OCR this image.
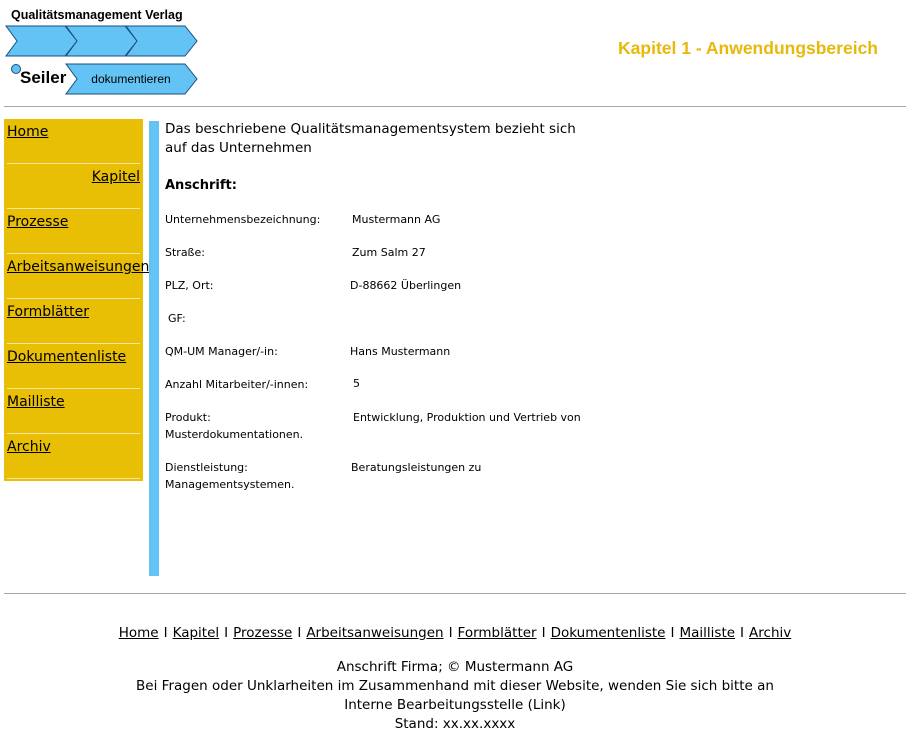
Qualitätsmanagement Verlag
Seiler	dokumentieren
Kapitel 1 - Anwendungsbereich
Home
Kapitel
Prozesse
Arbeitsanweisungen
Formblätter
Dokumentenliste
Mailliste
Archiv
Das beschriebene Qualitätsmanagementsystem bezieht sich auf das Unternehmen
Anschrift:
Unternehmensbezeichnung:	Mustermann AG
Straße:	Zum Salm 27
PLZ, Ort:	D-88662 Überlingen
GF:
QM-UM Manager/-in:	Hans Mustermann
Anzahl Mitarbeiter/-innen:	5
Produkt:	Entwicklung, Produktion und Vertrieb von
Musterdokumentationen.
Dienstleistung:	Beratungsleistungen zu
Managementsystemen.
Home I Kapitel I Prozesse I Arbeitsanweisungen I Formblätter I Dokumentenliste I Mailliste I Archiv
Anschrift Firma; © Mustermann AG
Bei Fragen oder Unklarheiten im Zusammenhand mit dieser Website, wenden Sie sich bitte an
Interne Bearbeitungsstelle (Link)
Stand: xx.xx.xxxx
